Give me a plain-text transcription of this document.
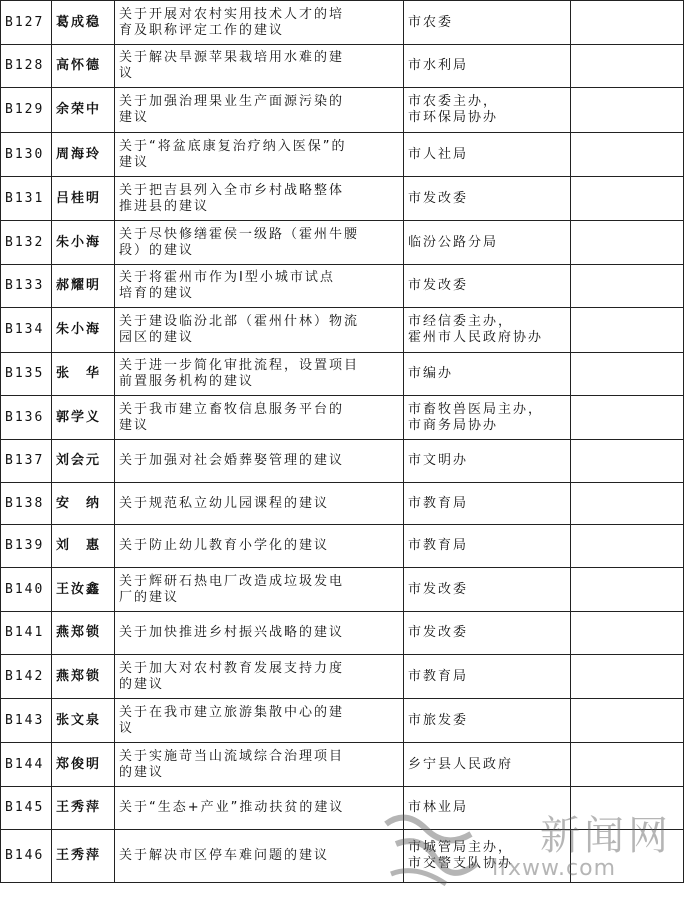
B127	葛成稳	关于开展对农村实用技术人才的培
育及职称评定工作的建议	市农委	

B128	高怀德	关于解决旱源苹果栽培用水难的建
议	市水利局	

B129	余荣中	关于加强治理果业生产面源污染的
建议	市农委主办，
市环保局协办	

B130	周海玲	关于“将盆底康复治疗纳入医保”的
建议	市人社局	

B131	吕桂明	关于把吉县列入全市乡村战略整体
推进县的建议	市发改委	

B132	朱小海	关于尽快修缮霍侯一级路（霍州牛腰
段）的建议	临汾公路分局	

B133	郝耀明	关于将霍州市作为Ⅰ型小城市试点
培育的建议	市发改委	

B134	朱小海	关于建设临汾北部（霍州什林）物流
园区的建议	市经信委主办，
霍州市人民政府协办	

B135	张　华	关于进一步简化审批流程，设置项目
前置服务机构的建议	市编办	

B136	郭学义	关于我市建立畜牧信息服务平台的
建议	市畜牧兽医局主办，
市商务局协办	

B137	刘会元	关于加强对社会婚葬娶管理的建议	市文明办	

B138	安　纳	关于规范私立幼儿园课程的建议	市教育局	

B139	刘　惠	关于防止幼儿教育小学化的建议	市教育局	

B140	王汝鑫	关于辉研石热电厂改造成垃圾发电
厂的建议	市发改委	

B141	燕郑锁	关于加快推进乡村振兴战略的建议	市发改委	

B142	燕郑锁	关于加大对农村教育发展支持力度
的建议	市教育局	

B143	张文泉	关于在我市建立旅游集散中心的建
议	市旅发委	

B144	郑俊明	关于实施苛当山流域综合治理项目
的建议	乡宁县人民政府	

B145	王秀萍	关于“生态+产业”推动扶贫的建议	市林业局	

B146	王秀萍	关于解决市区停车难问题的建议	市城管局主办，
市交警支队协办	

新闻网
lfxww.com
